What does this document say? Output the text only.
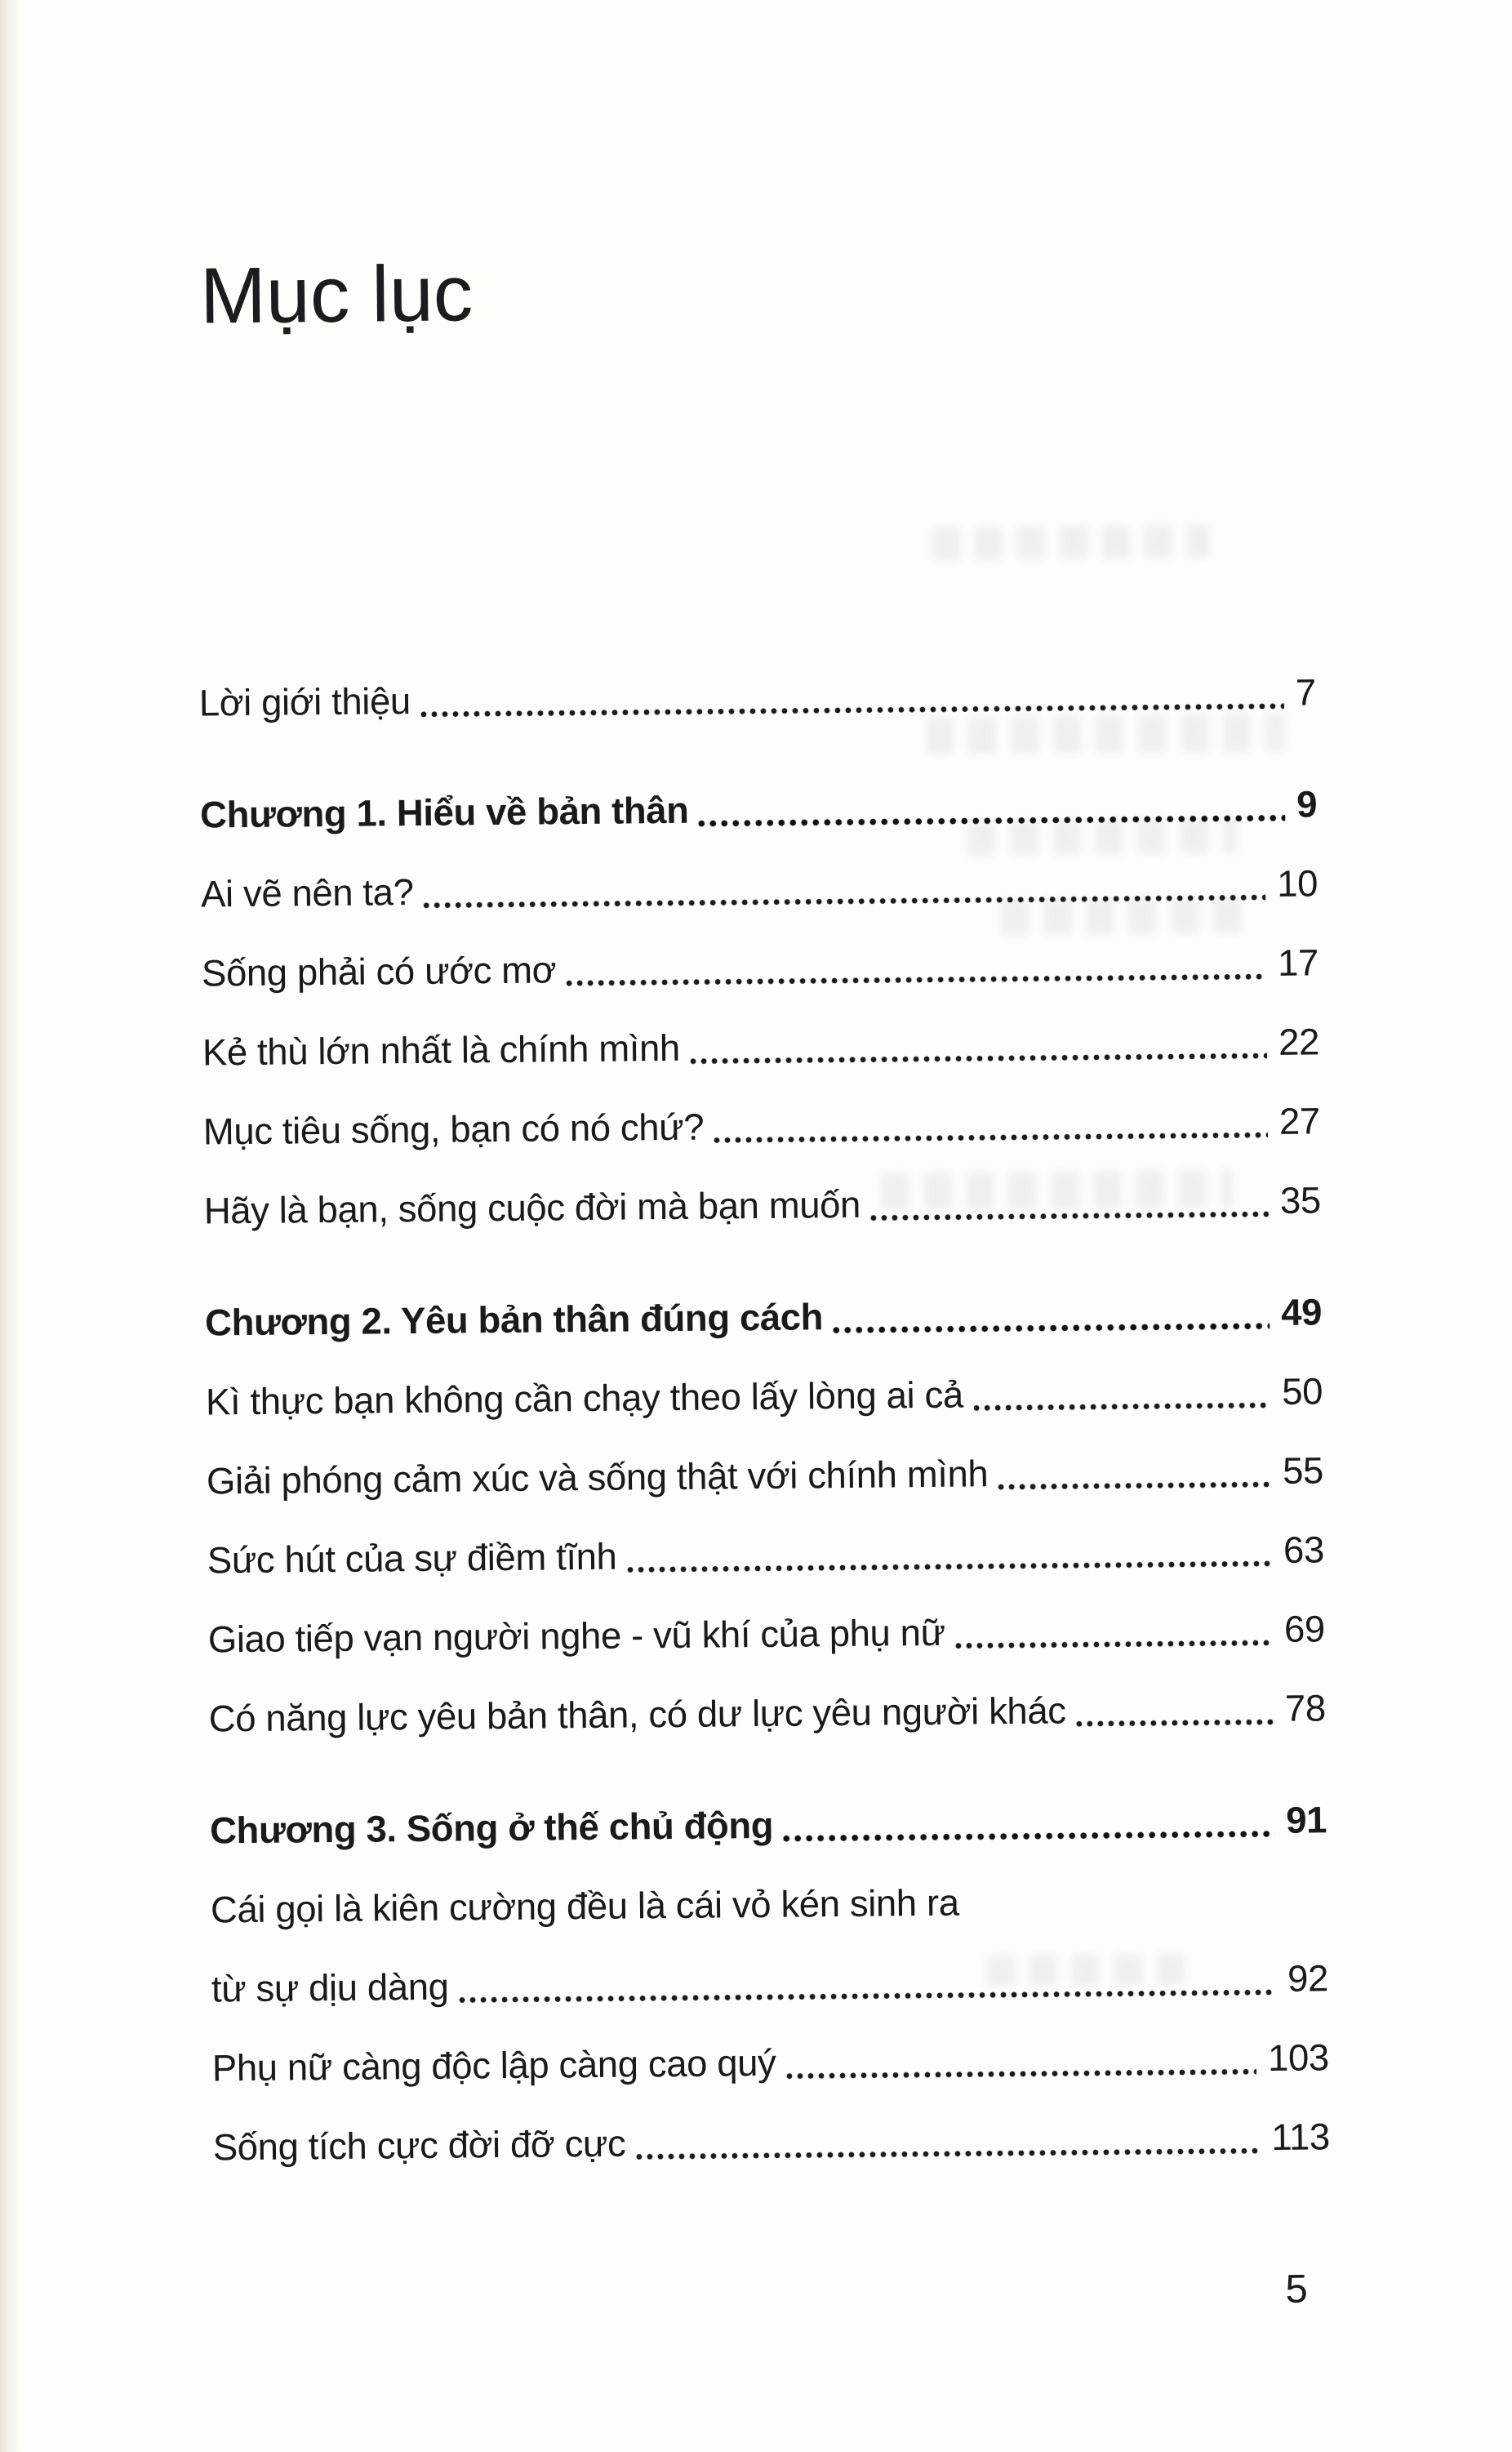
Mục lục
Lời giới thiệu	7
Chương 1. Hiểu về bản thân	9
Ai vẽ nên ta?	10
Sống phải có ước mơ	17
Kẻ thù lớn nhất là chính mình	22
Mục tiêu sống, bạn có nó chứ?	27
Hãy là bạn, sống cuộc đời mà bạn muốn	35
Chương 2. Yêu bản thân đúng cách	49
Kì thực bạn không cần chạy theo lấy lòng ai cả	50
Giải phóng cảm xúc và sống thật với chính mình	55
Sức hút của sự điềm tĩnh	63
Giao tiếp vạn người nghe - vũ khí của phụ nữ	69
Có năng lực yêu bản thân, có dư lực yêu người khác	78
Chương 3. Sống ở thế chủ động	91
Cái gọi là kiên cường đều là cái vỏ kén sinh ra
từ sự dịu dàng	92
Phụ nữ càng độc lập càng cao quý	103
Sống tích cực đời đỡ cực	113
5
